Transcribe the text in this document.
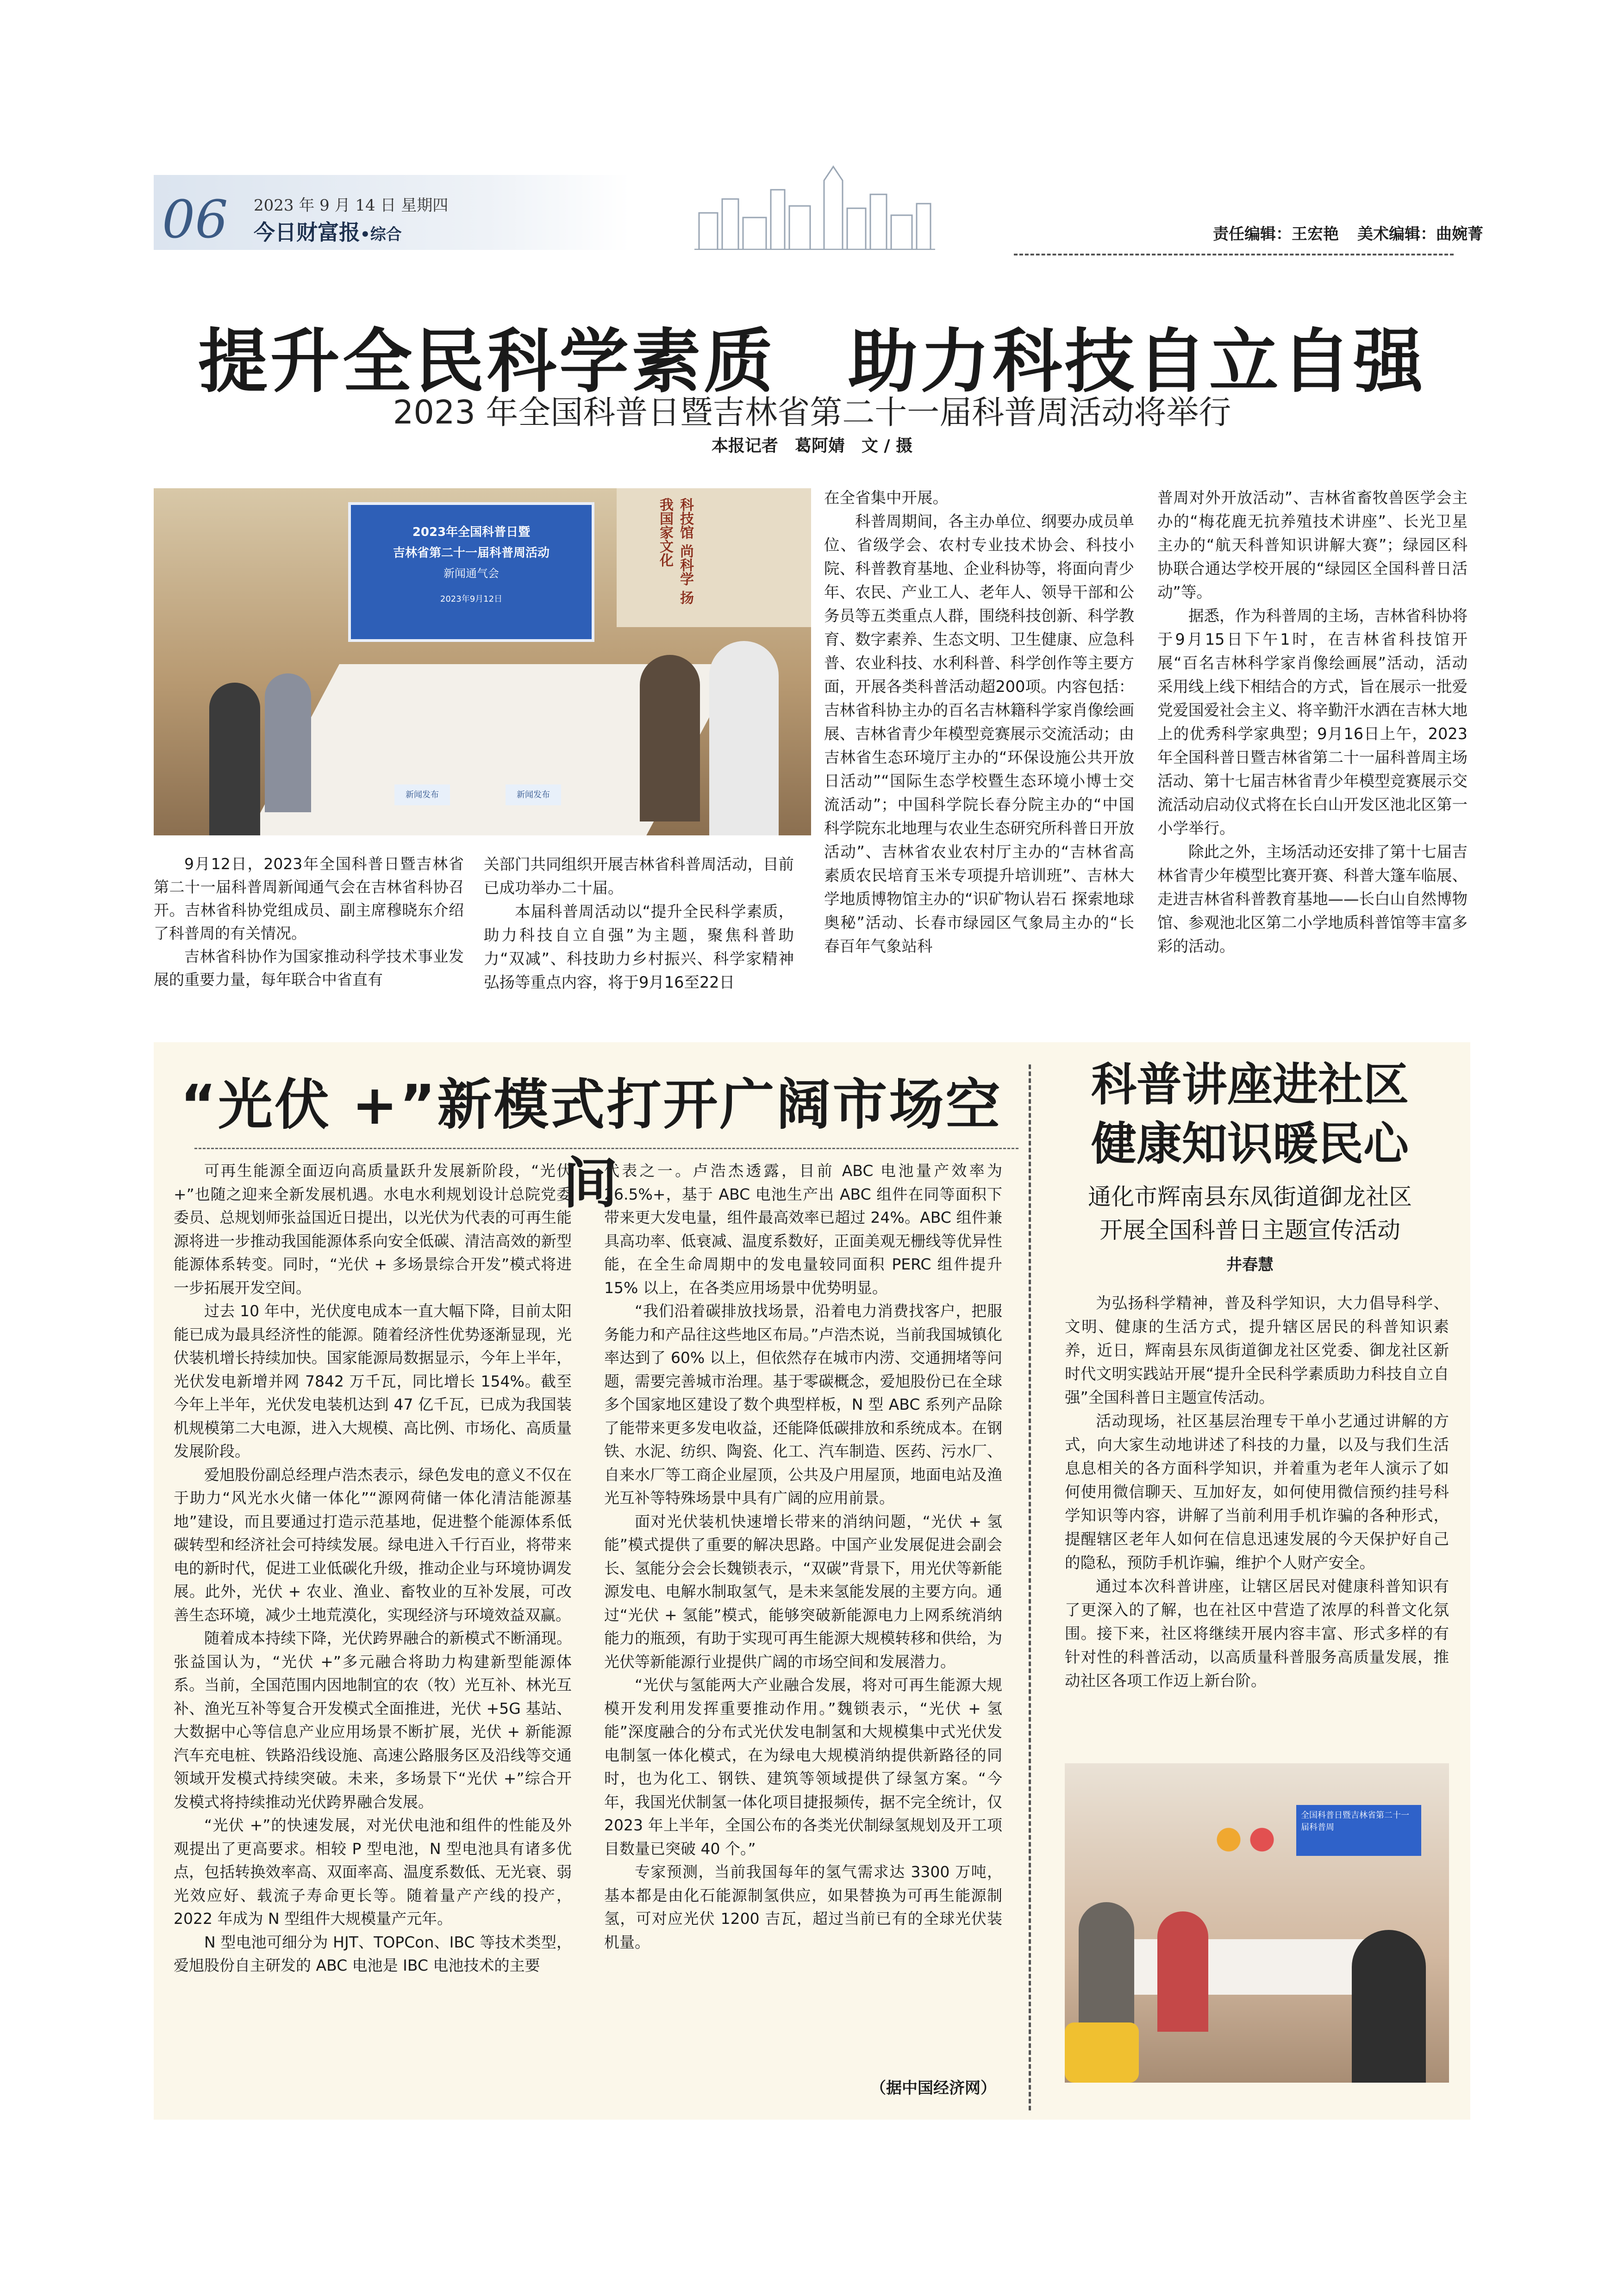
06 2023 年 9 月 14 日 星期四
今日财富报•综合	责任编辑：王宏艳 美术编辑：曲婉菁
提升全民科学素质　助力科技自立自强
2023 年全国科普日暨吉林省第二十一届科普周活动将举行
本报记者　葛阿婧　文 / 摄
科技馆 尚科学 扬我国家文化
2023年全国科普日暨
吉林省第二十一届科普周活动
新闻通气会
2023年9月12日
新闻发布	新闻发布

9月12日，2023年全国科普日暨吉林省第二十一届科普周新闻通气会在吉林省科协召开。吉林省科协党组成员、副主席穆晓东介绍了科普周的有关情况。

吉林省科协作为国家推动科学技术事业发展的重要力量，每年联合中省直有

关部门共同组织开展吉林省科普周活动，目前已成功举办二十届。

本届科普周活动以“提升全民科学素质，助力科技自立自强”为主题，聚焦科普助力“双减”、科技助力乡村振兴、科学家精神弘扬等重点内容，将于9月16至22日

在全省集中开展。

科普周期间，各主办单位、纲要办成员单位、省级学会、农村专业技术协会、科技小院、科普教育基地、企业科协等，将面向青少年、农民、产业工人、老年人、领导干部和公务员等五类重点人群，围绕科技创新、科学教育、数字素养、生态文明、卫生健康、应急科普、农业科技、水利科普、科学创作等主要方面，开展各类科普活动超200项。内容包括：吉林省科协主办的百名吉林籍科学家肖像绘画展、吉林省青少年模型竞赛展示交流活动；由吉林省生态环境厅主办的“环保设施公共开放日活动”“国际生态学校暨生态环境小博士交流活动”；中国科学院长春分院主办的“中国科学院东北地理与农业生态研究所科普日开放活动”、吉林省农业农村厅主办的“吉林省高素质农民培育玉米专项提升培训班”、吉林大学地质博物馆主办的“识矿物认岩石 探索地球奥秘”活动、长春市绿园区气象局主办的“长春百年气象站科

普周对外开放活动”、吉林省畜牧兽医学会主办的“梅花鹿无抗养殖技术讲座”、长光卫星主办的“航天科普知识讲解大赛”；绿园区科协联合通达学校开展的“绿园区全国科普日活动”等。

据悉，作为科普周的主场，吉林省科协将于9月15日下午1时，在吉林省科技馆开展“百名吉林科学家肖像绘画展”活动，活动采用线上线下相结合的方式，旨在展示一批爱党爱国爱社会主义、将辛勤汗水洒在吉林大地上的优秀科学家典型；9月16日上午，2023年全国科普日暨吉林省第二十一届科普周主场活动、第十七届吉林省青少年模型竞赛展示交流活动启动仪式将在长白山开发区池北区第一小学举行。

除此之外，主场活动还安排了第十七届吉林省青少年模型比赛开赛、科普大篷车临展、走进吉林省科普教育基地——长白山自然博物馆、参观池北区第二小学地质科普馆等丰富多彩的活动。

“光伏 +”新模式打开广阔市场空间

可再生能源全面迈向高质量跃升发展新阶段，“光伏 +”也随之迎来全新发展机遇。水电水利规划设计总院党委委员、总规划师张益国近日提出，以光伏为代表的可再生能源将进一步推动我国能源体系向安全低碳、清洁高效的新型能源体系转变。同时，“光伏 + 多场景综合开发”模式将进一步拓展开发空间。

过去 10 年中，光伏度电成本一直大幅下降，目前太阳能已成为最具经济性的能源。随着经济性优势逐渐显现，光伏装机增长持续加快。国家能源局数据显示，今年上半年，光伏发电新增并网 7842 万千瓦，同比增长 154%。截至今年上半年，光伏发电装机达到 47 亿千瓦，已成为我国装机规模第二大电源，进入大规模、高比例、市场化、高质量发展阶段。

爱旭股份副总经理卢浩杰表示，绿色发电的意义不仅在于助力“风光水火储一体化”“源网荷储一体化清洁能源基地”建设，而且要通过打造示范基地，促进整个能源体系低碳转型和经济社会可持续发展。绿电进入千行百业，将带来电的新时代，促进工业低碳化升级，推动企业与环境协调发展。此外，光伏 + 农业、渔业、畜牧业的互补发展，可改善生态环境，减少土地荒漠化，实现经济与环境效益双赢。

随着成本持续下降，光伏跨界融合的新模式不断涌现。张益国认为，“光伏 +”多元融合将助力构建新型能源体系。当前，全国范围内因地制宜的农（牧）光互补、林光互补、渔光互补等复合开发模式全面推进，光伏 +5G 基站、大数据中心等信息产业应用场景不断扩展，光伏 + 新能源汽车充电桩、铁路沿线设施、高速公路服务区及沿线等交通领域开发模式持续突破。未来，多场景下“光伏 +”综合开发模式将持续推动光伏跨界融合发展。

“光伏 +”的快速发展，对光伏电池和组件的性能及外观提出了更高要求。相较 P 型电池，N 型电池具有诸多优点，包括转换效率高、双面率高、温度系数低、无光衰、弱光效应好、载流子寿命更长等。随着量产产线的投产，2022 年成为 N 型组件大规模量产元年。

N 型电池可细分为 HJT、TOPCon、IBC 等技术类型，爱旭股份自主研发的 ABC 电池是 IBC 电池技术的主要

代表之一。卢浩杰透露，目前 ABC 电池量产效率为 26.5%+，基于 ABC 电池生产出 ABC 组件在同等面积下带来更大发电量，组件最高效率已超过 24%。ABC 组件兼具高功率、低衰减、温度系数好，正面美观无栅线等优异性能，在全生命周期中的发电量较同面积 PERC 组件提升 15% 以上，在各类应用场景中优势明显。

“我们沿着碳排放找场景，沿着电力消费找客户，把服务能力和产品往这些地区布局。”卢浩杰说，当前我国城镇化率达到了 60% 以上，但依然存在城市内涝、交通拥堵等问题，需要完善城市治理。基于零碳概念，爱旭股份已在全球多个国家地区建设了数个典型样板，N 型 ABC 系列产品除了能带来更多发电收益，还能降低碳排放和系统成本。在钢铁、水泥、纺织、陶瓷、化工、汽车制造、医药、污水厂、自来水厂等工商企业屋顶，公共及户用屋顶，地面电站及渔光互补等特殊场景中具有广阔的应用前景。

面对光伏装机快速增长带来的消纳问题，“光伏 + 氢能”模式提供了重要的解决思路。中国产业发展促进会副会长、氢能分会会长魏锁表示，“双碳”背景下，用光伏等新能源发电、电解水制取氢气，是未来氢能发展的主要方向。通过“光伏 + 氢能”模式，能够突破新能源电力上网系统消纳能力的瓶颈，有助于实现可再生能源大规模转移和供给，为光伏等新能源行业提供广阔的市场空间和发展潜力。

“光伏与氢能两大产业融合发展，将对可再生能源大规模开发利用发挥重要推动作用。”魏锁表示，“光伏 + 氢能”深度融合的分布式光伏发电制氢和大规模集中式光伏发电制氢一体化模式，在为绿电大规模消纳提供新路径的同时，也为化工、钢铁、建筑等领域提供了绿氢方案。“今年，我国光伏制氢一体化项目捷报频传，据不完全统计，仅 2023 年上半年，全国公布的各类光伏制绿氢规划及开工项目数量已突破 40 个。”

专家预测，当前我国每年的氢气需求达 3300 万吨，基本都是由化石能源制氢供应，如果替换为可再生能源制氢，可对应光伏 1200 吉瓦，超过当前已有的全球光伏装机量。

（据中国经济网）
科普讲座进社区
健康知识暖民心
通化市辉南县东凤街道御龙社区
开展全国科普日主题宣传活动
井春慧

为弘扬科学精神，普及科学知识，大力倡导科学、文明、健康的生活方式，提升辖区居民的科普知识素养，近日，辉南县东凤街道御龙社区党委、御龙社区新时代文明实践站开展“提升全民科学素质助力科技自立自强”全国科普日主题宣传活动。

活动现场，社区基层治理专干单小艺通过讲解的方式，向大家生动地讲述了科技的力量，以及与我们生活息息相关的各方面科学知识，并着重为老年人演示了如何使用微信聊天、互加好友，如何使用微信预约挂号科学知识等内容，讲解了当前利用手机诈骗的各种形式，提醒辖区老年人如何在信息迅速发展的今天保护好自己的隐私，预防手机诈骗，维护个人财产安全。

通过本次科普讲座，让辖区居民对健康科普知识有了更深入的了解，也在社区中营造了浓厚的科普文化氛围。接下来，社区将继续开展内容丰富、形式多样的有针对性的科普活动，以高质量科普服务高质量发展，推动社区各项工作迈上新台阶。

全国科普日暨吉林省第二十一届科普周
